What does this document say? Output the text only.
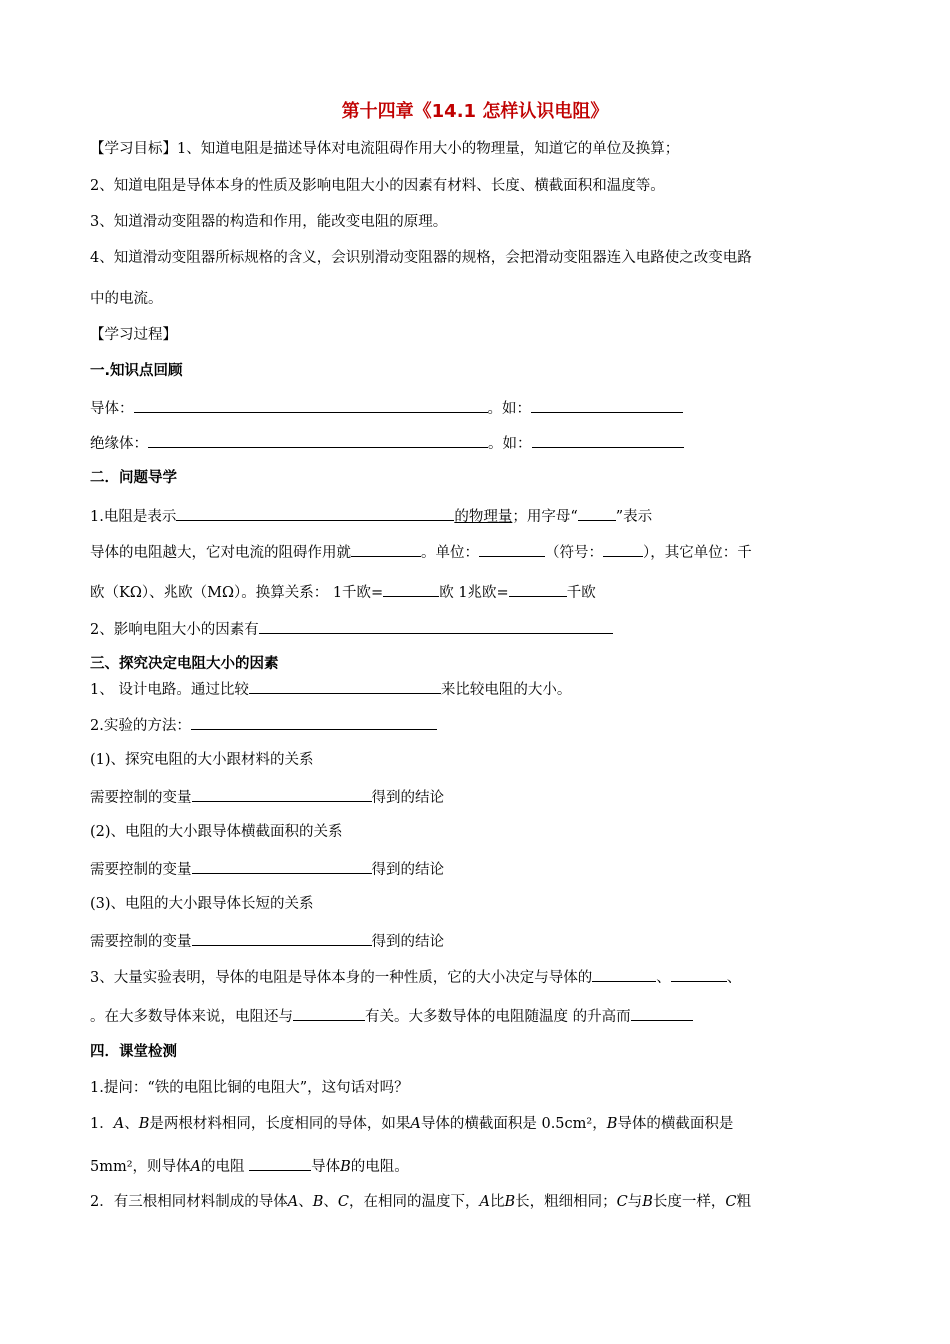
第十四章《14.1 怎样认识电阻》
【学习目标】1、知道电阻是描述导体对电流阻碍作用大小的物理量，知道它的单位及换算；
2、知道电阻是导体本身的性质及影响电阻大小的因素有材料、长度、横截面积和温度等。
3、知道滑动变阻器的构造和作用，能改变电阻的原理。
4、知道滑动变阻器所标规格的含义，会识别滑动变阻器的规格，会把滑动变阻器连入电路使之改变电路
中的电流。
【学习过程】
一.知识点回顾
导体：	。如：
绝缘体：	。如：
二．问题导学
1.电阻是表示	的物理量；用字母“	”表示
导体的电阻越大，它对电流的阻碍作用就	。单位：	（符号：	），其它单位：千
欧（KΩ）、兆欧（MΩ）。换算关系： 1千欧=	欧 1兆欧=	千欧
2、影响电阻大小的因素有
三、探究决定电阻大小的因素
1、 设计电路。通过比较	来比较电阻的大小。
2.实验的方法：
(1)、探究电阻的大小跟材料的关系
需要控制的变量	得到的结论
(2)、电阻的大小跟导体横截面积的关系
需要控制的变量	得到的结论
(3)、电阻的大小跟导体长短的关系
需要控制的变量	得到的结论
3、大量实验表明，导体的电阻是导体本身的一种性质，它的大小决定与导体的	、	、
。在大多数导体来说，电阻还与	有关。大多数导体的电阻随温度 的升高而
四．课堂检测
1.提问：“铁的电阻比铜的电阻大”，这句话对吗？
1．A、B是两根材料相同，长度相同的导体，如果A导体的横截面积是 0.5cm²，B导体的横截面积是
5mm²，则导体A的电阻	导体B的电阻。
2．有三根相同材料制成的导体A、B、C，在相同的温度下，A比B长，粗细相同；C与B长度一样，C粗
